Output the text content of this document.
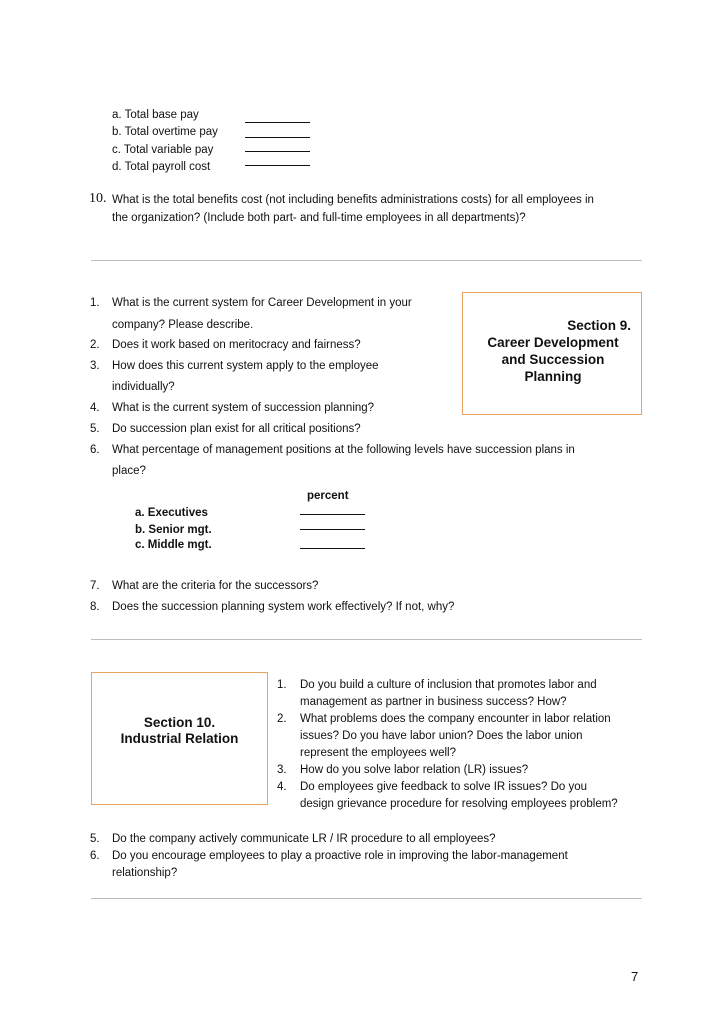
a. Total base pay
b. Total overtime pay
c. Total variable pay
d. Total payroll cost
10. What is the total benefits cost (not including benefits administrations costs) for all employees in
the organization? (Include both part- and full-time employees in all departments)?
Section 9.
Career Development
and Succession
Planning
1.	What is the current system for Career Development in your
company? Please describe.
2.	Does it work based on meritocracy and fairness?
3.	How does this current system apply to the employee
individually?
4.	What is the current system of succession planning?
5.	Do succession plan exist for all critical positions?
6.	What percentage of management positions at the following levels have succession plans in
place?
percent
a. Executives
b. Senior mgt.
c. Middle mgt.
7.	What are the criteria for the successors?
8.	Does the succession planning system work effectively? If not, why?
Section 10.
Industrial Relation
1.	Do you build a culture of inclusion that promotes labor and
management as partner in business success? How?
2.	What problems does the company encounter in labor relation
issues? Do you have labor union? Does the labor union
represent the employees well?
3.	How do you solve labor relation (LR) issues?
4.	Do employees give feedback to solve IR issues? Do you
design grievance procedure for resolving employees problem?
5.	Do the company actively communicate LR / IR procedure to all employees?
6.	Do you encourage employees to play a proactive role in improving the labor-management
relationship?
7
